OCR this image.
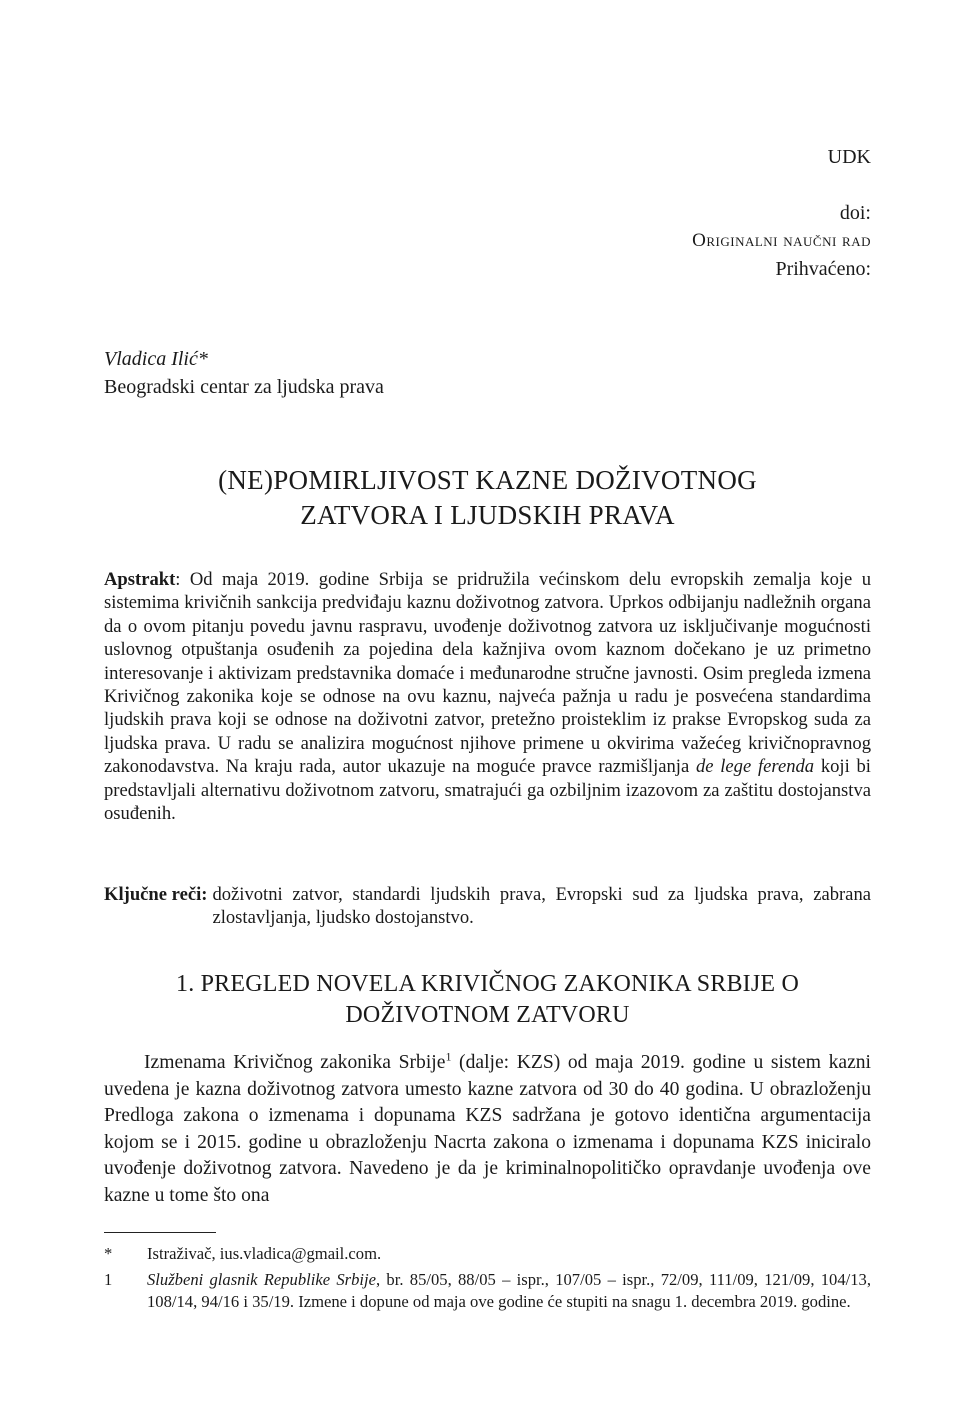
UDK
doi:
Originalni naučni rad
Prihvaćeno:
Vladica Ilić*
Beogradski centar za ljudska prava
(NE)POMIRLJIVOST KAZNE DOŽIVOTNOG
ZATVORA I LJUDSKIH PRAVA

Apstrakt: Od maja 2019. godine Srbija se pridružila većinskom delu evropskih zemalja koje u sistemima krivičnih sankcija predviđaju kaznu doživotnog zatvora. Uprkos odbijanju nadležnih organa da o ovom pitanju povedu javnu raspravu, uvođenje doživotnog zatvora uz isključivanje mogućnosti uslovnog otpuštanja osuđenih za pojedina dela kažnjiva ovom kaznom dočekano je uz primetno interesovanje i aktivizam predstavnika domaće i međunarodne stručne javnosti. Osim pregleda izmena Krivičnog zakonika koje se odnose na ovu kaznu, najveća pažnja u radu je posvećena standardima ljudskih prava koji se odnose na doživotni zatvor, pretežno proisteklim iz prakse Evropskog suda za ljudska prava. U radu se analizira mogućnost njihove primene u okvirima važećeg krivičnopravnog zakonodavstva. Na kraju rada, autor ukazuje na moguće pravce razmišljanja de lege ferenda koji bi predstavljali alternativu doživotnom zatvoru, smatrajući ga ozbiljnim izazovom za zaštitu dostojanstva osuđenih.

Ključne reči: doživotni zatvor, standardi ljudskih prava, Evropski sud za ljudska prava, zabrana zlostavljanja, ljudsko dostojanstvo.
1. PREGLED NOVELA KRIVIČNOG ZAKONIKA SRBIJE O
DOŽIVOTNOM ZATVORU

Izmenama Krivičnog zakonika Srbije$^1$ (dalje: KZS) od maja 2019. godine u sistem kazni uvedena je kazna doživotnog zatvora umesto kazne zatvora od 30 do 40 godina. U obrazloženju Predloga zakona o izmenama i dopunama KZS sadržana je gotovo identična argumentacija kojom se i 2015. godine u obrazloženju Nacrta zakona o izmenama i dopunama KZS iniciralo uvođenje doživotnog zatvora. Navedeno je da je kriminalnopolitičko opravdanje uvođenja ove kazne u tome što ona

*	Istraživač, ius.vladica@gmail.com.
1	Službeni glasnik Republike Srbije, br. 85/05, 88/05 – ispr., 107/05 – ispr., 72/09, 111/09, 121/09, 104/13, 108/14, 94/16 i 35/19. Izmene i dopune od maja ove godine će stupiti na snagu 1. decembra 2019. godine.
